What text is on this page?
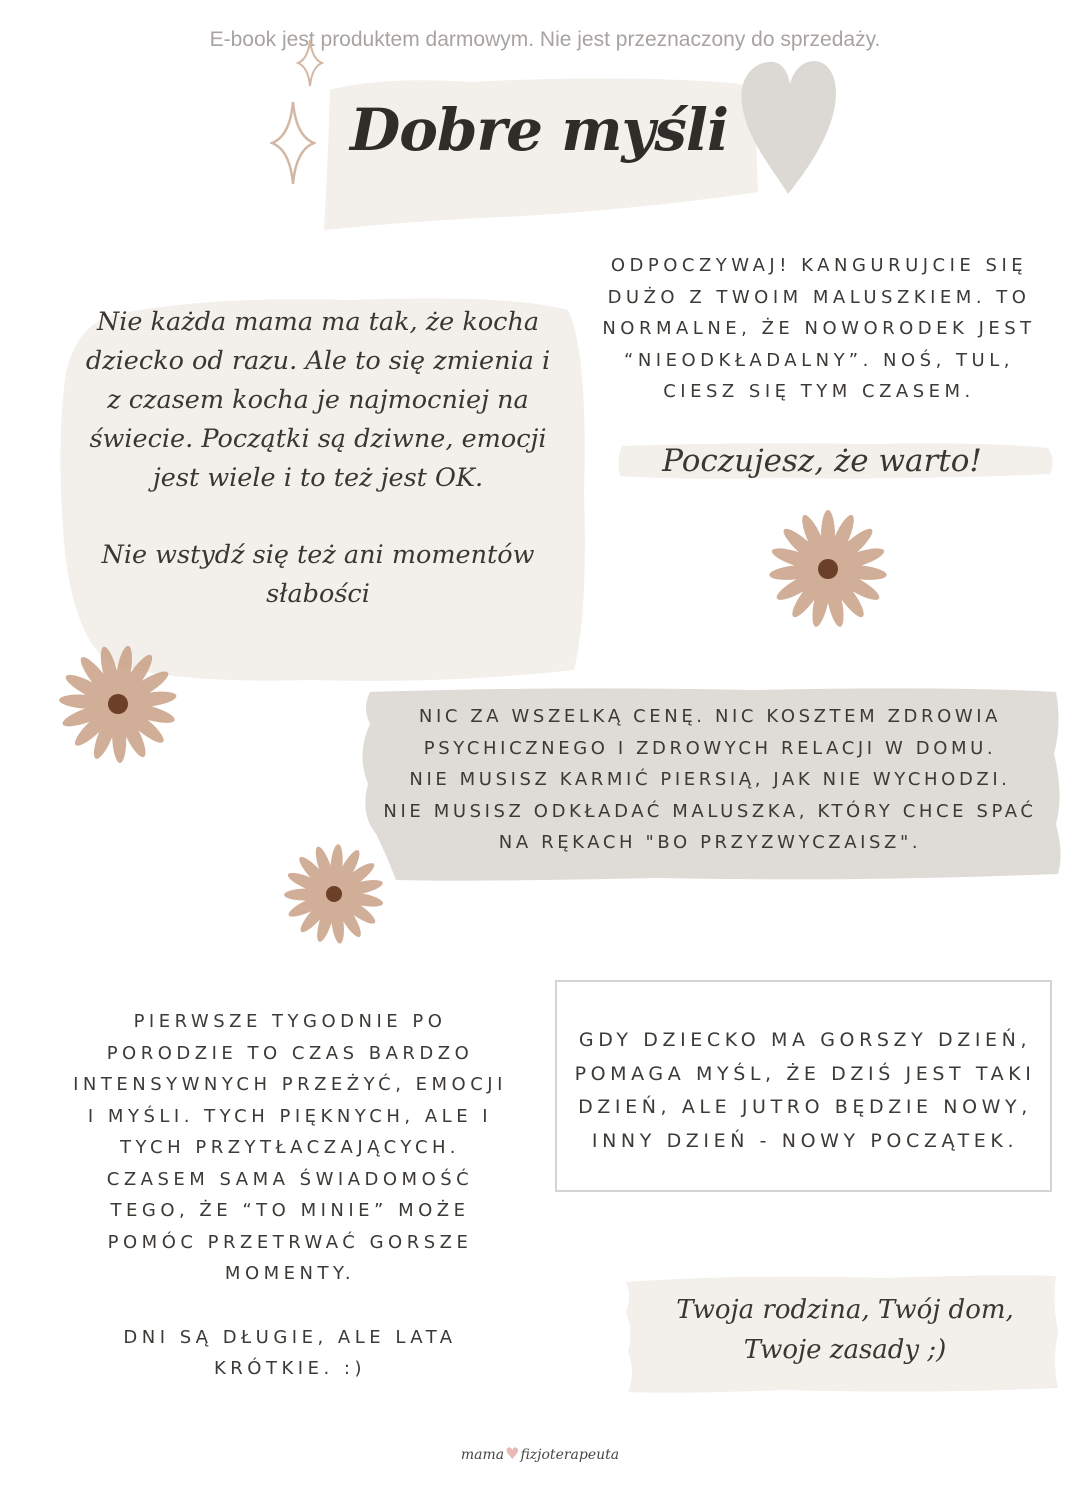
E-book jest produktem darmowym. Nie jest przeznaczony do sprzedaży.
Dobre myśli

ODPOCZYWAJ! KANGURUJCIE SIĘ DUŻO Z TWOIM MALUSZKIEM. TO NORMALNE, ŻE NOWORODEK JEST “NIEODKŁADALNY”. NOŚ, TUL, CIESZ SIĘ TYM CZASEM.

Nie każda mama ma tak, że kocha dziecko od razu. Ale to się zmienia i z czasem kocha je najmocniej na świecie. Początki są dziwne, emocji jest wiele i to też jest OK.

Nie wstydź się też ani momentów słabości

Poczujesz, że warto!

NIC ZA WSZELKĄ CENĘ. NIC KOSZTEM ZDROWIA

PSYCHICZNEGO I ZDROWYCH RELACJI W DOMU.

NIE MUSISZ KARMIĆ PIERSIĄ, JAK NIE WYCHODZI.

NIE MUSISZ ODKŁADAĆ MALUSZKA, KTÓRY CHCE SPAĆ

NA RĘKACH "BO PRZYZWYCZAISZ".

PIERWSZE TYGODNIE PO PORODZIE TO CZAS BARDZO INTENSYWNYCH PRZEŻYĆ, EMOCJI I MYŚLI. TYCH PIĘKNYCH, ALE I TYCH PRZYTŁACZAJĄCYCH. CZASEM SAMA ŚWIADOMOŚĆ TEGO, ŻE “TO MINIE” MOŻE POMÓC PRZETRWAĆ GORSZE MOMENTY.

DNI SĄ DŁUGIE, ALE LATA KRÓTKIE. :)

GDY DZIECKO MA GORSZY DZIEŃ, POMAGA MYŚL, ŻE DZIŚ JEST TAKI DZIEŃ, ALE JUTRO BĘDZIE NOWY, INNY DZIEŃ - NOWY POCZĄTEK.

Twoja rodzina, Twój dom, Twoje zasady ;)

mama♥fizjoterapeuta
